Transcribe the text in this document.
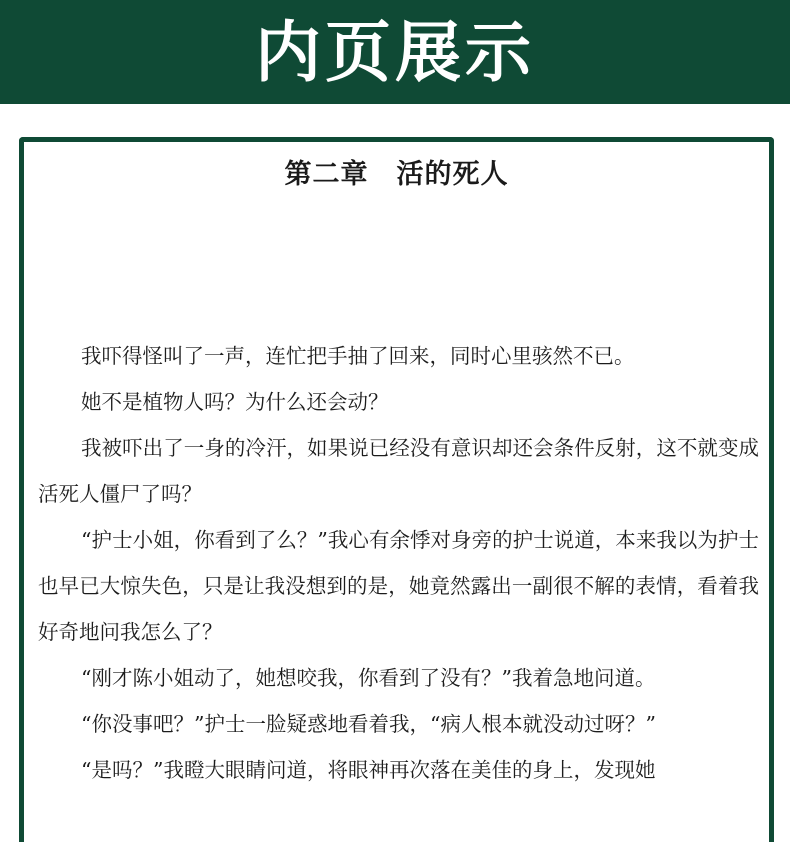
内页展示
第二章　活的死人

我吓得怪叫了一声，连忙把手抽了回来，同时心里骇然不已。

她不是植物人吗？为什么还会动？

我被吓出了一身的冷汗，如果说已经没有意识却还会条件反射，这不就变成活死人僵尸了吗？

“护士小姐，你看到了么？”我心有余悸对身旁的护士说道，本来我以为护士也早已大惊失色，只是让我没想到的是，她竟然露出一副很不解的表情，看着我好奇地问我怎么了？

“刚才陈小姐动了，她想咬我，你看到了没有？”我着急地问道。

“你没事吧？”护士一脸疑惑地看着我，“病人根本就没动过呀？”

“是吗？”我瞪大眼睛问道，将眼神再次落在美佳的身上，发现她
